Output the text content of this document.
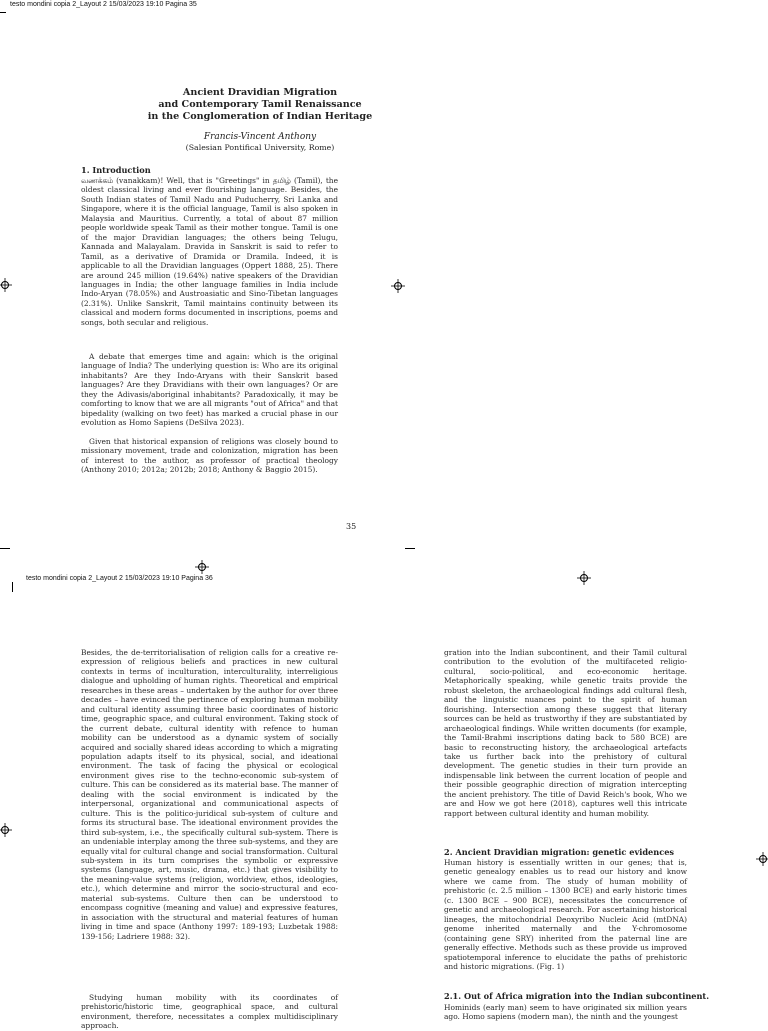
testo mondini copia 2_Layout 2 15/03/2023 19:10 Pagina 35
Ancient Dravidian Migration
and Contemporary Tamil Renaissance
in the Conglomeration of Indian Heritage
Francis-Vincent Anthony
(Salesian Pontifical University, Rome)
1. Introduction

வணக்கம் (vanakkam)! Well, that is "Greetings" in தமிழ் (Tamil), the oldest classical living and ever flourishing language. Besides, the South Indian states of Tamil Nadu and Puducherry, Sri Lanka and Singapore, where it is the official language, Tamil is also spoken in Malaysia and Mauritius. Currently, a total of about 87 million people worldwide speak Tamil as their mother tongue. Tamil is one of the major Dravidian languages; the others being Telugu, Kannada and Malayalam. Dravida in Sanskrit is said to refer to Tamil, as a derivative of Dramida or Dramila. Indeed, it is applicable to all the Dravidian languages (Oppert 1888, 25). There are around 245 million (19.64%) native speakers of the Dravidian languages in India; the other language families in India include Indo-Aryan (78.05%) and Austroasiatic and Sino-Tibetan languages (2.31%). Unlike Sanskrit, Tamil maintains continuity between its classical and modern forms documented in inscriptions, poems and songs, both secular and religious.

A debate that emerges time and again: which is the original language of India? The underlying question is: Who are its original inhabitants? Are they Indo-Aryans with their Sanskrit based languages? Are they Dravidians with their own languages? Or are they the Adivasis/aboriginal inhabitants? Paradoxically, it may be comforting to know that we are all migrants "out of Africa" and that bipedality (walking on two feet) has marked a crucial phase in our evolution as Homo Sapiens (DeSilva 2023).

Given that historical expansion of religions was closely bound to missionary movement, trade and colonization, migration has been of interest to the author, as professor of practical theology (Anthony 2010; 2012a; 2012b; 2018; Anthony & Baggio 2015).

35
testo mondini copia 2_Layout 2 15/03/2023 19:10 Pagina 36

Besides, the de-territorialisation of religion calls for a creative re-expression of religious beliefs and practices in new cultural contexts in terms of inculturation, interculturality, interreligious dialogue and upholding of human rights. Theoretical and empirical researches in these areas – undertaken by the author for over three decades – have evinced the pertinence of exploring human mobility and cultural identity assuming three basic coordinates of historic time, geographic space, and cultural environment. Taking stock of the current debate, cultural identity with refence to human mobility can be understood as a dynamic system of socially acquired and socially shared ideas according to which a migrating population adapts itself to its physical, social, and ideational environment. The task of facing the physical or ecological environment gives rise to the techno-economic sub-system of culture. This can be considered as its material base. The manner of dealing with the social environment is indicated by the interpersonal, organizational and communicational aspects of culture. This is the politico-juridical sub-system of culture and forms its structural base. The ideational environment provides the third sub-system, i.e., the specifically cultural sub-system. There is an undeniable interplay among the three sub-systems, and they are equally vital for cultural change and social transformation. Cultural sub-system in its turn comprises the symbolic or expressive systems (language, art, music, drama, etc.) that gives visibility to the meaning-value systems (religion, worldview, ethos, ideologies, etc.), which determine and mirror the socio-structural and eco-material sub-systems. Culture then can be understood to encompass cognitive (meaning and value) and expressive features, in association with the structural and material features of human living in time and space (Anthony 1997: 189-193; Luzbetak 1988: 139-156; Ladriere 1988: 32).

Studying human mobility with its coordinates of prehistoric/historic time, geographical space, and cultural environment, therefore, necessitates a complex multidisciplinary approach.

gration into the Indian subcontinent, and their Tamil cultural contribution to the evolution of the multifaceted religio-cultural, socio-political, and eco-economic heritage. Metaphorically speaking, while genetic traits provide the robust skeleton, the archaeological findings add cultural flesh, and the linguistic nuances point to the spirit of human flourishing. Intersection among these suggest that literary sources can be held as trustworthy if they are substantiated by archaeological findings. While written documents (for example, the Tamil-Brahmi inscriptions dating back to 580 BCE) are basic to reconstructing history, the archaeological artefacts take us further back into the prehistory of cultural development. The genetic studies in their turn provide an indispensable link between the current location of people and their possible geographic direction of migration intercepting the ancient prehistory. The title of David Reich's book, Who we are and How we got here (2018), captures well this intricate rapport between cultural identity and human mobility.

2. Ancient Dravidian migration: genetic evidences

Human history is essentially written in our genes; that is, genetic genealogy enables us to read our history and know where we came from. The study of human mobility of prehistoric (c. 2.5 million – 1300 BCE) and early historic times (c. 1300 BCE – 900 BCE), necessitates the concurrence of genetic and archaeological research. For ascertaining historical lineages, the mitochondrial Deoxyribo Nucleic Acid (mtDNA) genome inherited maternally and the Y-chromosome (containing gene SRY) inherited from the paternal line are generally effective. Methods such as these provide us improved spatiotemporal inference to elucidate the paths of prehistoric and historic migrations. (Fig. 1)

2.1. Out of Africa migration into the Indian subcontinent.

Hominids (early man) seem to have originated six million years ago. Homo sapiens (modern man), the ninth and the youngest
